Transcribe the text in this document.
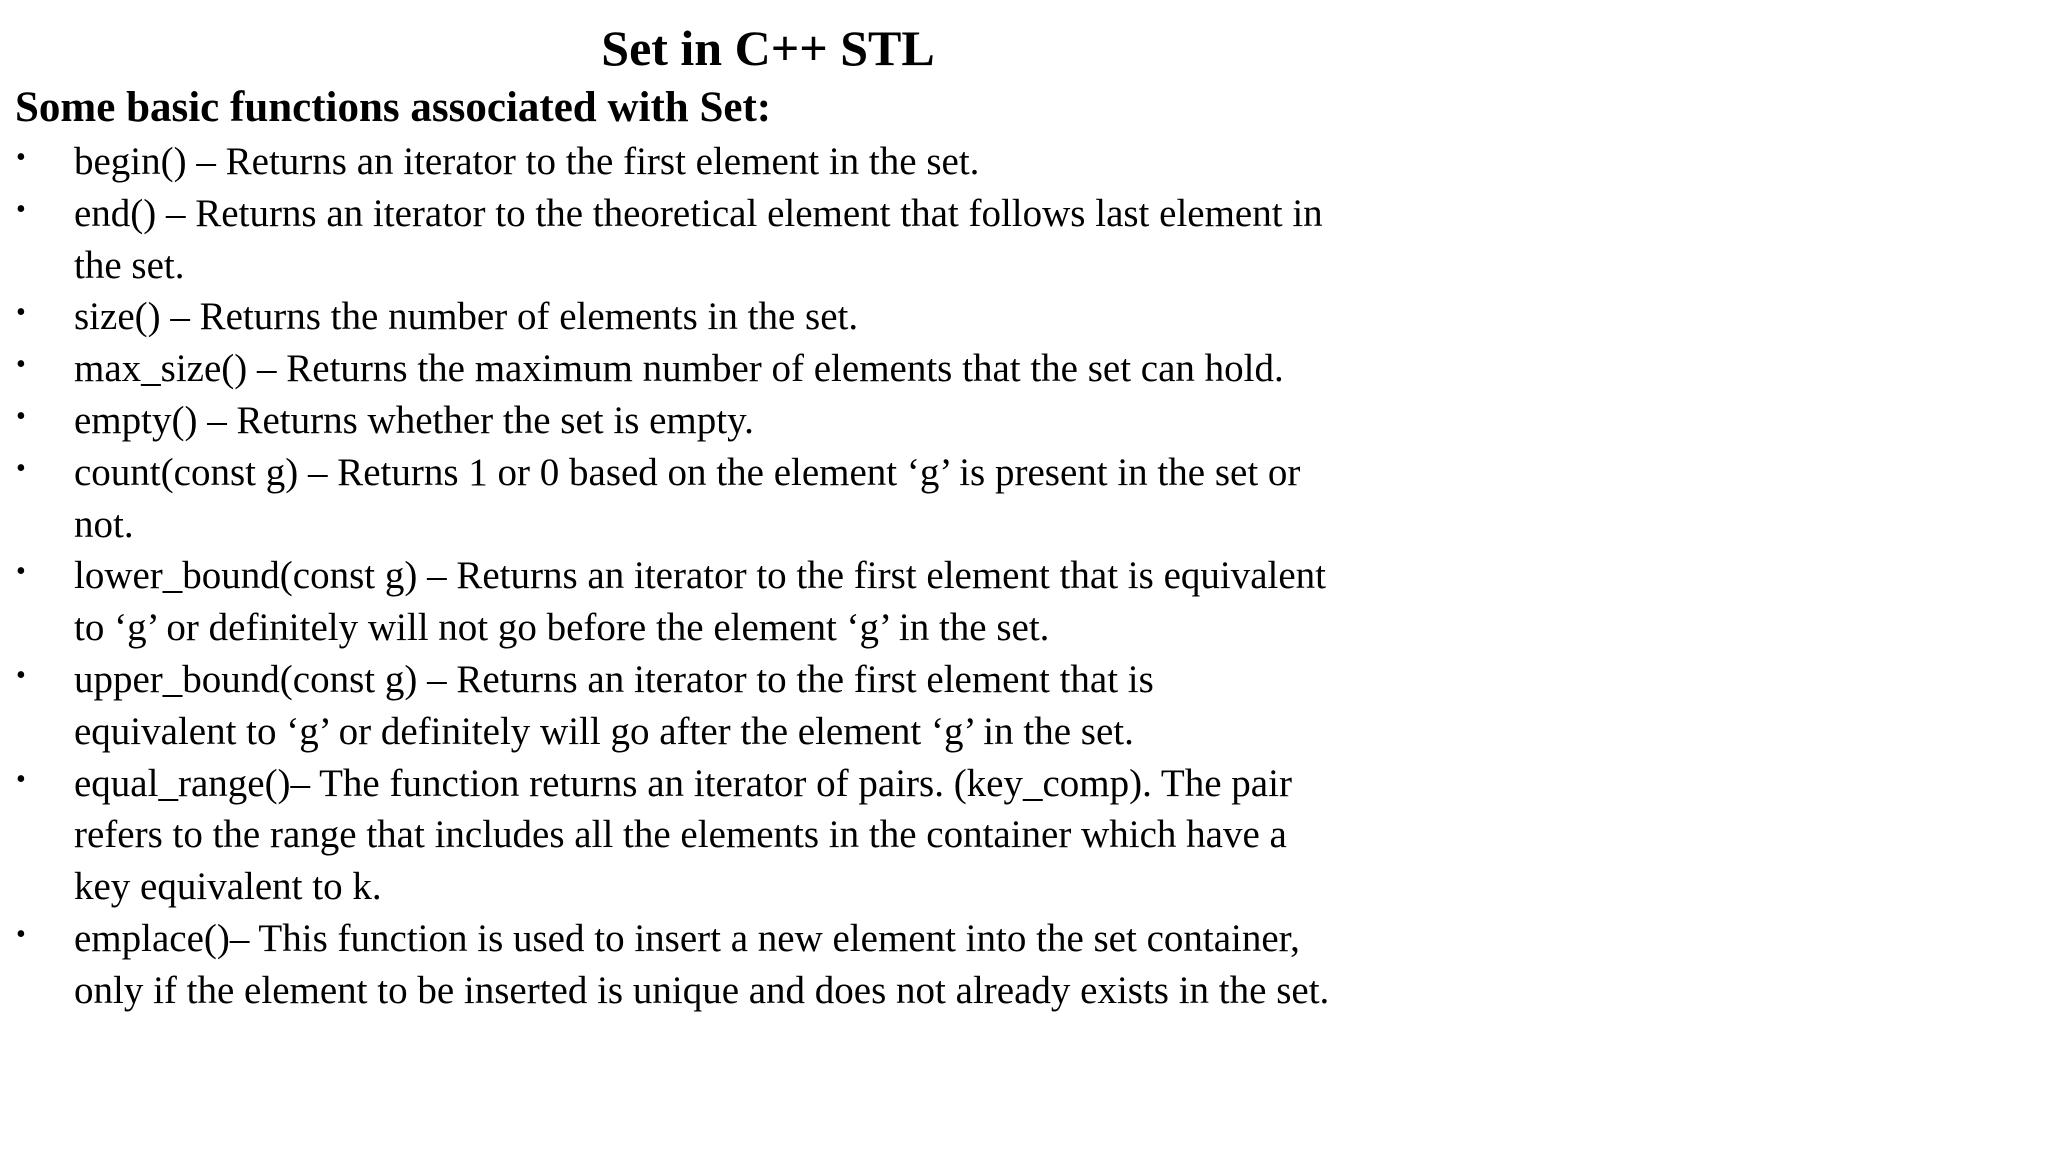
Set in C++ STL
Some basic functions associated with Set:
• begin() – Returns an iterator to the first element in the set.
• end() – Returns an iterator to the theoretical element that follows last element in
the set.
• size() – Returns the number of elements in the set.
• max_size() – Returns the maximum number of elements that the set can hold.
• empty() – Returns whether the set is empty.
• count(const g) – Returns 1 or 0 based on the element ‘g’ is present in the set or
not.
• lower_bound(const g) – Returns an iterator to the first element that is equivalent
to ‘g’ or definitely will not go before the element ‘g’ in the set.
• upper_bound(const g) – Returns an iterator to the first element that is
equivalent to ‘g’ or definitely will go after the element ‘g’ in the set.
• equal_range()– The function returns an iterator of pairs. (key_comp). The pair
refers to the range that includes all the elements in the container which have a
key equivalent to k.
• emplace()– This function is used to insert a new element into the set container,
only if the element to be inserted is unique and does not already exists in the set.
